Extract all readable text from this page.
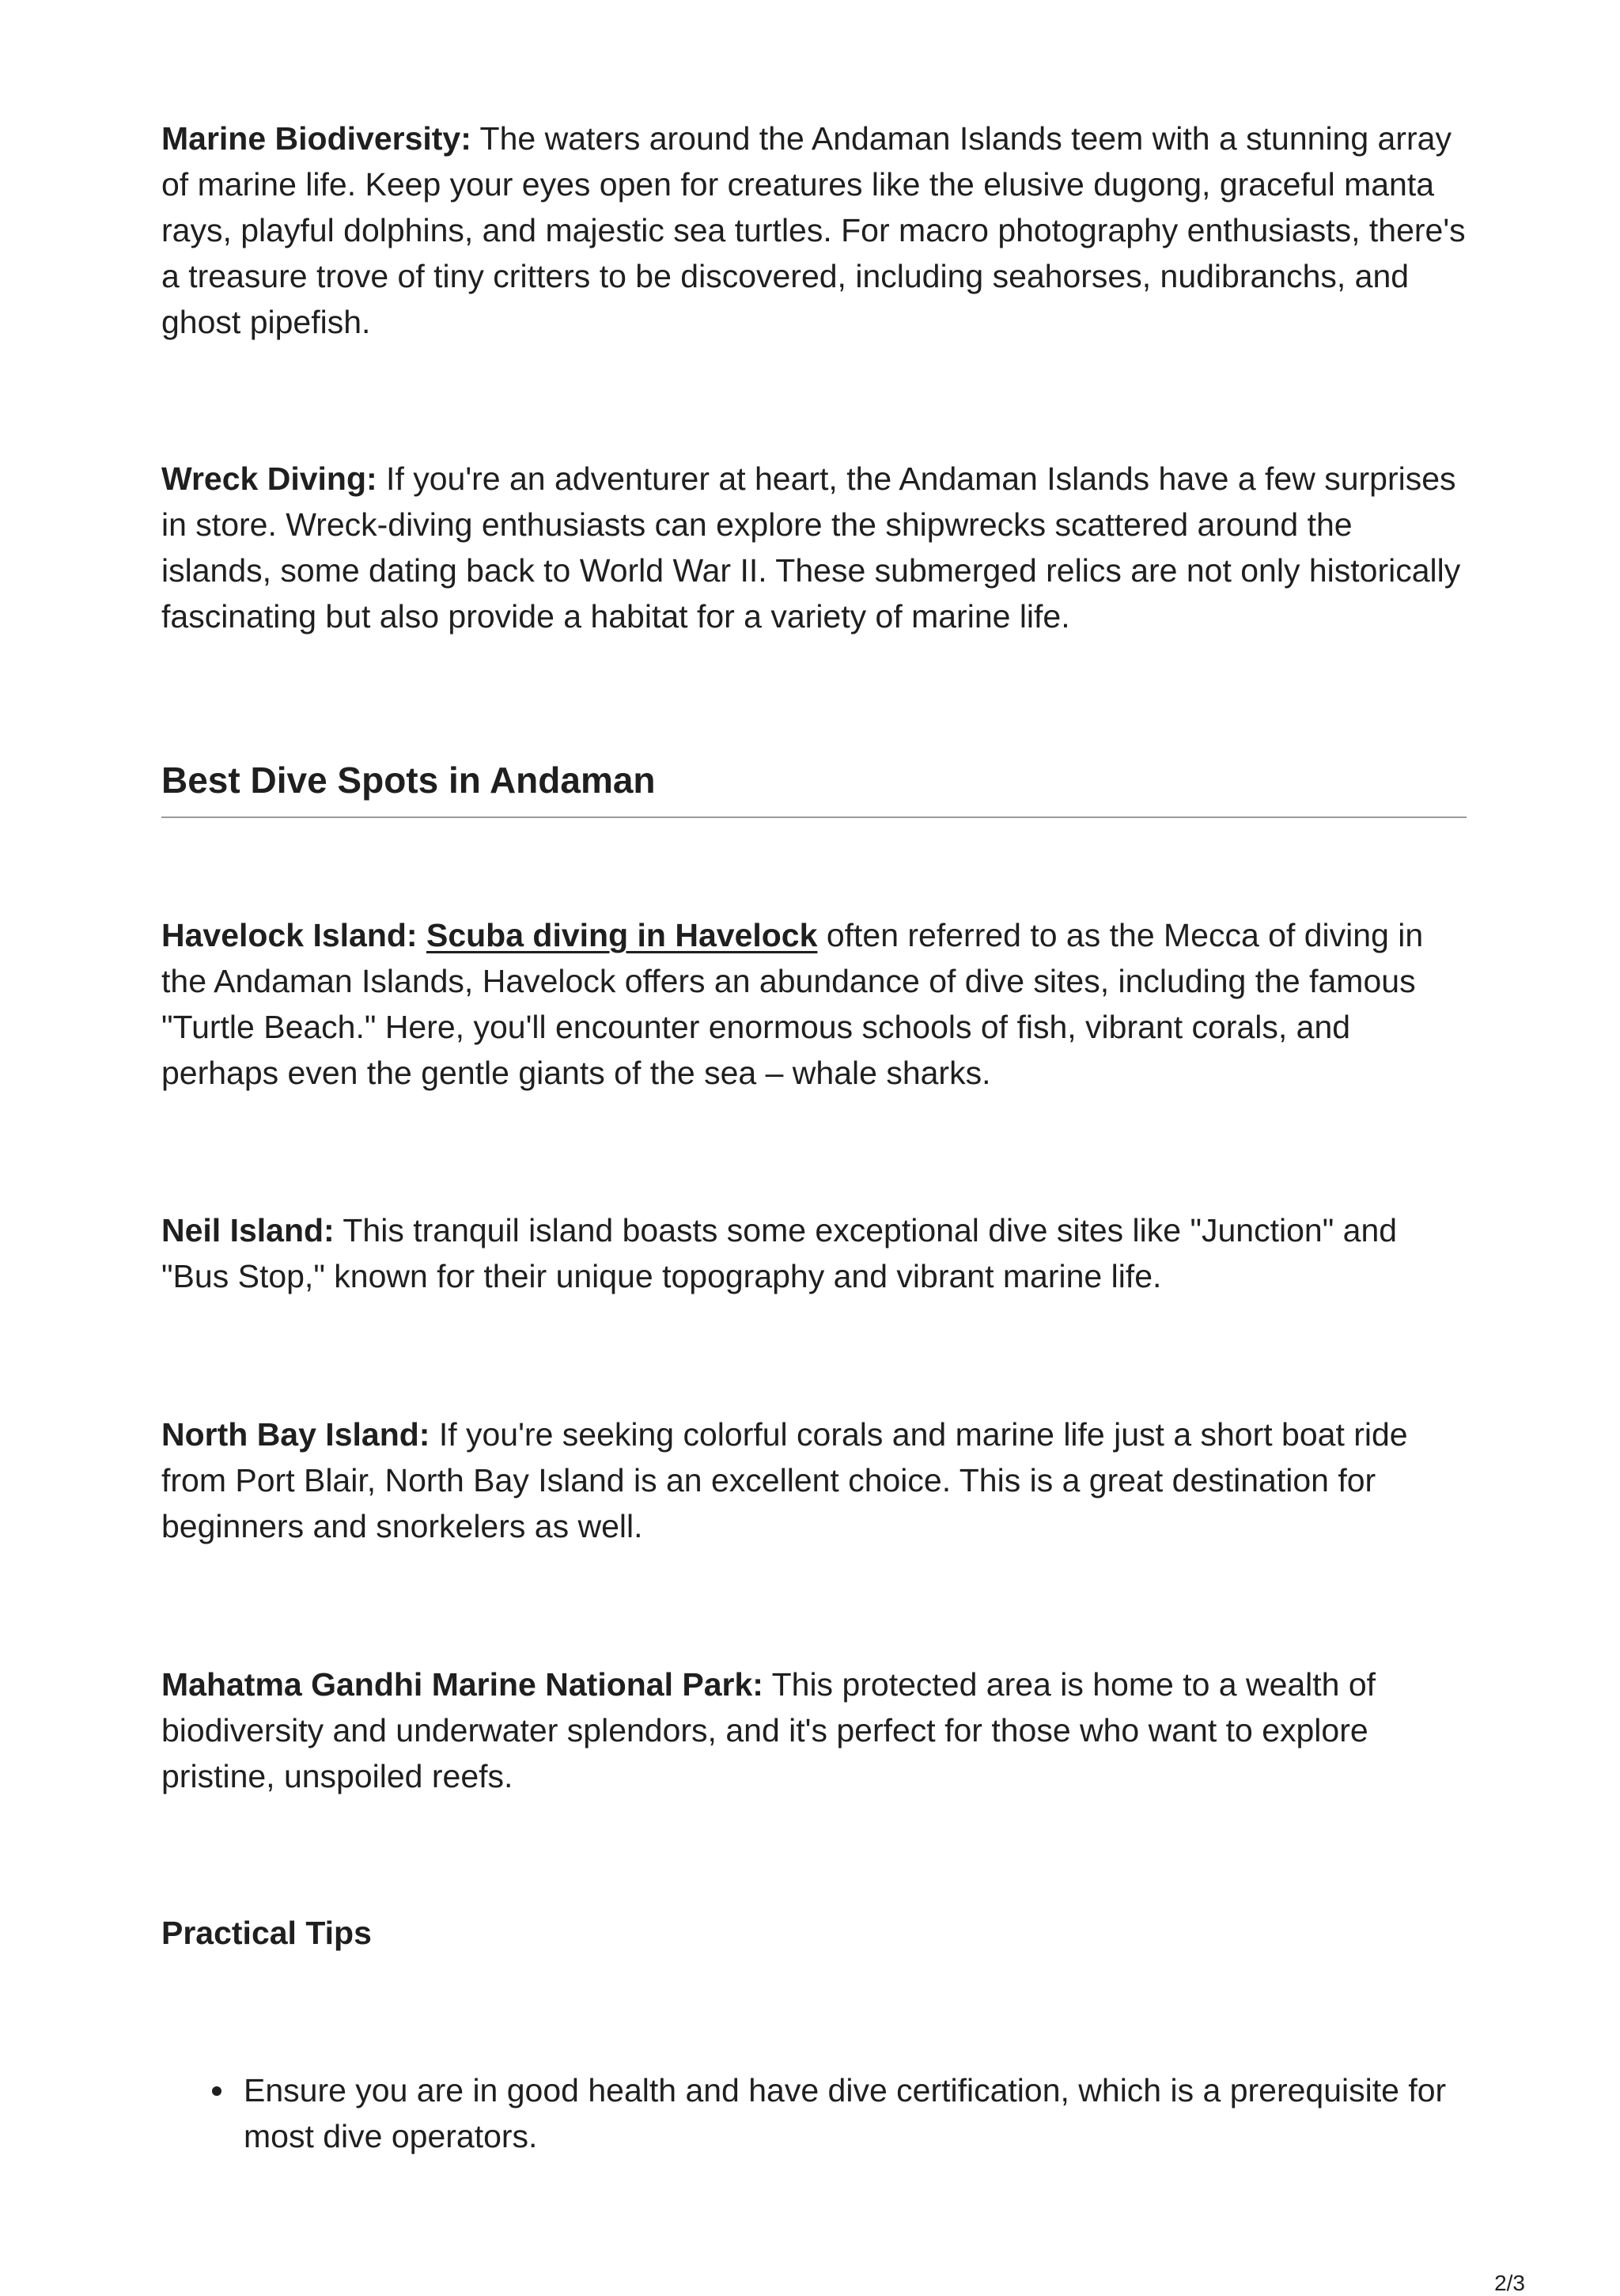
Marine Biodiversity: The waters around the Andaman Islands teem with a stunning array of marine life. Keep your eyes open for creatures like the elusive dugong, graceful manta rays, playful dolphins, and majestic sea turtles. For macro photography enthusiasts, there's a treasure trove of tiny critters to be discovered, including seahorses, nudibranchs, and ghost pipefish.

Wreck Diving: If you're an adventurer at heart, the Andaman Islands have a few surprises in store. Wreck-diving enthusiasts can explore the shipwrecks scattered around the islands, some dating back to World War II. These submerged relics are not only historically fascinating but also provide a habitat for a variety of marine life.

Best Dive Spots in Andaman

Havelock Island: Scuba diving in Havelock often referred to as the Mecca of diving in the Andaman Islands, Havelock offers an abundance of dive sites, including the famous "Turtle Beach." Here, you'll encounter enormous schools of fish, vibrant corals, and perhaps even the gentle giants of the sea – whale sharks.

Neil Island: This tranquil island boasts some exceptional dive sites like "Junction" and "Bus Stop," known for their unique topography and vibrant marine life.

North Bay Island: If you're seeking colorful corals and marine life just a short boat ride from Port Blair, North Bay Island is an excellent choice. This is a great destination for beginners and snorkelers as well.

Mahatma Gandhi Marine National Park: This protected area is home to a wealth of biodiversity and underwater splendors, and it's perfect for those who want to explore pristine, unspoiled reefs.

Practical Tips
Ensure you are in good health and have dive certification, which is a prerequisite for most dive operators.
2/3
